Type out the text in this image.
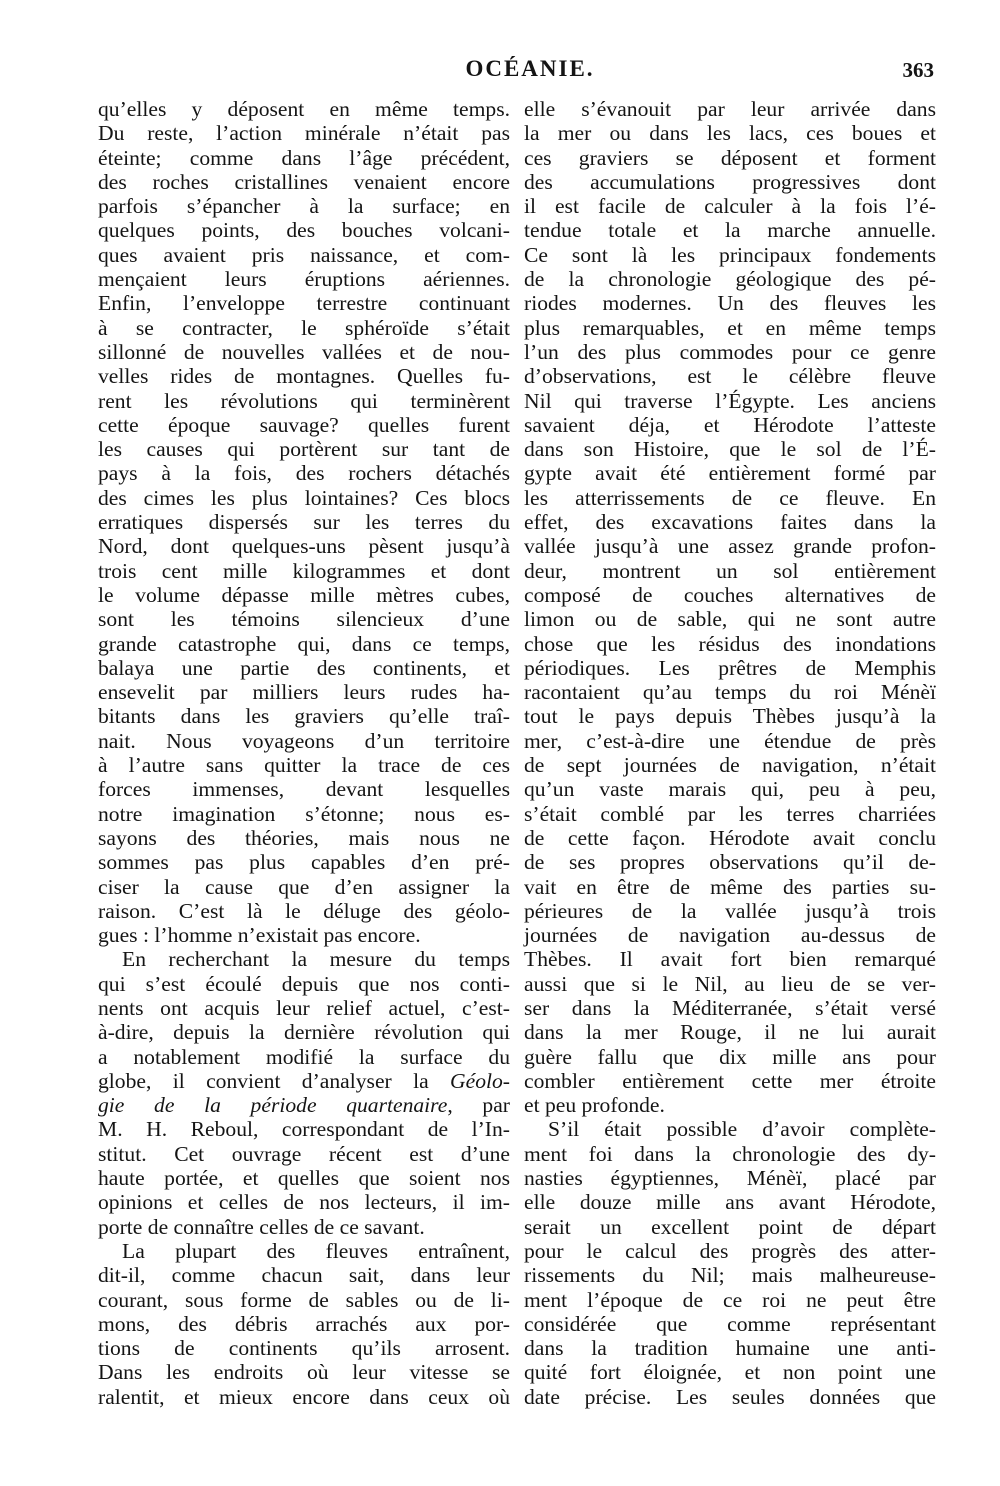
OCÉANIE.	363
qu’elles y déposent en même temps.
Du reste, l’action minérale n’était pas
éteinte; comme dans l’âge précédent,
des roches cristallines venaient encore
parfois s’épancher à la surface; en
quelques points, des bouches volcani-
ques avaient pris naissance, et com-
mençaient leurs éruptions aériennes.
Enfin, l’enveloppe terrestre continuant
à se contracter, le sphéroïde s’était
sillonné de nouvelles vallées et de nou-
velles rides de montagnes. Quelles fu-
rent les révolutions qui terminèrent
cette époque sauvage? quelles furent
les causes qui portèrent sur tant de
pays à la fois, des rochers détachés
des cimes les plus lointaines? Ces blocs
erratiques dispersés sur les terres du
Nord, dont quelques-uns pèsent jusqu’à
trois cent mille kilogrammes et dont
le volume dépasse mille mètres cubes,
sont les témoins silencieux d’une
grande catastrophe qui, dans ce temps,
balaya une partie des continents, et
ensevelit par milliers leurs rudes ha-
bitants dans les graviers qu’elle traî-
nait. Nous voyageons d’un territoire
à l’autre sans quitter la trace de ces
forces immenses, devant lesquelles
notre imagination s’étonne; nous es-
sayons des théories, mais nous ne
sommes pas plus capables d’en pré-
ciser la cause que d’en assigner la
raison. C’est là le déluge des géolo-
gues : l’homme n’existait pas encore.
En recherchant la mesure du temps
qui s’est écoulé depuis que nos conti-
nents ont acquis leur relief actuel, c’est-
à-dire, depuis la dernière révolution qui
a notablement modifié la surface du
globe, il convient d’analyser la Géolo-
gie de la période quartenaire, par
M. H. Reboul, correspondant de l’In-
stitut. Cet ouvrage récent est d’une
haute portée, et quelles que soient nos
opinions et celles de nos lecteurs, il im-
porte de connaître celles de ce savant.
La plupart des fleuves entraînent,
dit-il, comme chacun sait, dans leur
courant, sous forme de sables ou de li-
mons, des débris arrachés aux por-
tions de continents qu’ils arrosent.
Dans les endroits où leur vitesse se
ralentit, et mieux encore dans ceux où
elle s’évanouit par leur arrivée dans
la mer ou dans les lacs, ces boues et
ces graviers se déposent et forment
des accumulations progressives dont
il est facile de calculer à la fois l’é-
tendue totale et la marche annuelle.
Ce sont là les principaux fondements
de la chronologie géologique des pé-
riodes modernes. Un des fleuves les
plus remarquables, et en même temps
l’un des plus commodes pour ce genre
d’observations, est le célèbre fleuve
Nil qui traverse l’Égypte. Les anciens
savaient déja, et Hérodote l’atteste
dans son Histoire, que le sol de l’É-
gypte avait été entièrement formé par
les atterrissements de ce fleuve. En
effet, des excavations faites dans la
vallée jusqu’à une assez grande profon-
deur, montrent un sol entièrement
composé de couches alternatives de
limon ou de sable, qui ne sont autre
chose que les résidus des inondations
périodiques. Les prêtres de Memphis
racontaient qu’au temps du roi Ménèï
tout le pays depuis Thèbes jusqu’à la
mer, c’est-à-dire une étendue de près
de sept journées de navigation, n’était
qu’un vaste marais qui, peu à peu,
s’était comblé par les terres charriées
de cette façon. Hérodote avait conclu
de ses propres observations qu’il de-
vait en être de même des parties su-
périeures de la vallée jusqu’à trois
journées de navigation au-dessus de
Thèbes. Il avait fort bien remarqué
aussi que si le Nil, au lieu de se ver-
ser dans la Méditerranée, s’était versé
dans la mer Rouge, il ne lui aurait
guère fallu que dix mille ans pour
combler entièrement cette mer étroite
et peu profonde.
S’il était possible d’avoir complète-
ment foi dans la chronologie des dy-
nasties égyptiennes, Ménèï, placé par
elle douze mille ans avant Hérodote,
serait un excellent point de départ
pour le calcul des progrès des atter-
rissements du Nil; mais malheureuse-
ment l’époque de ce roi ne peut être
considérée que comme représentant
dans la tradition humaine une anti-
quité fort éloignée, et non point une
date précise. Les seules données que
